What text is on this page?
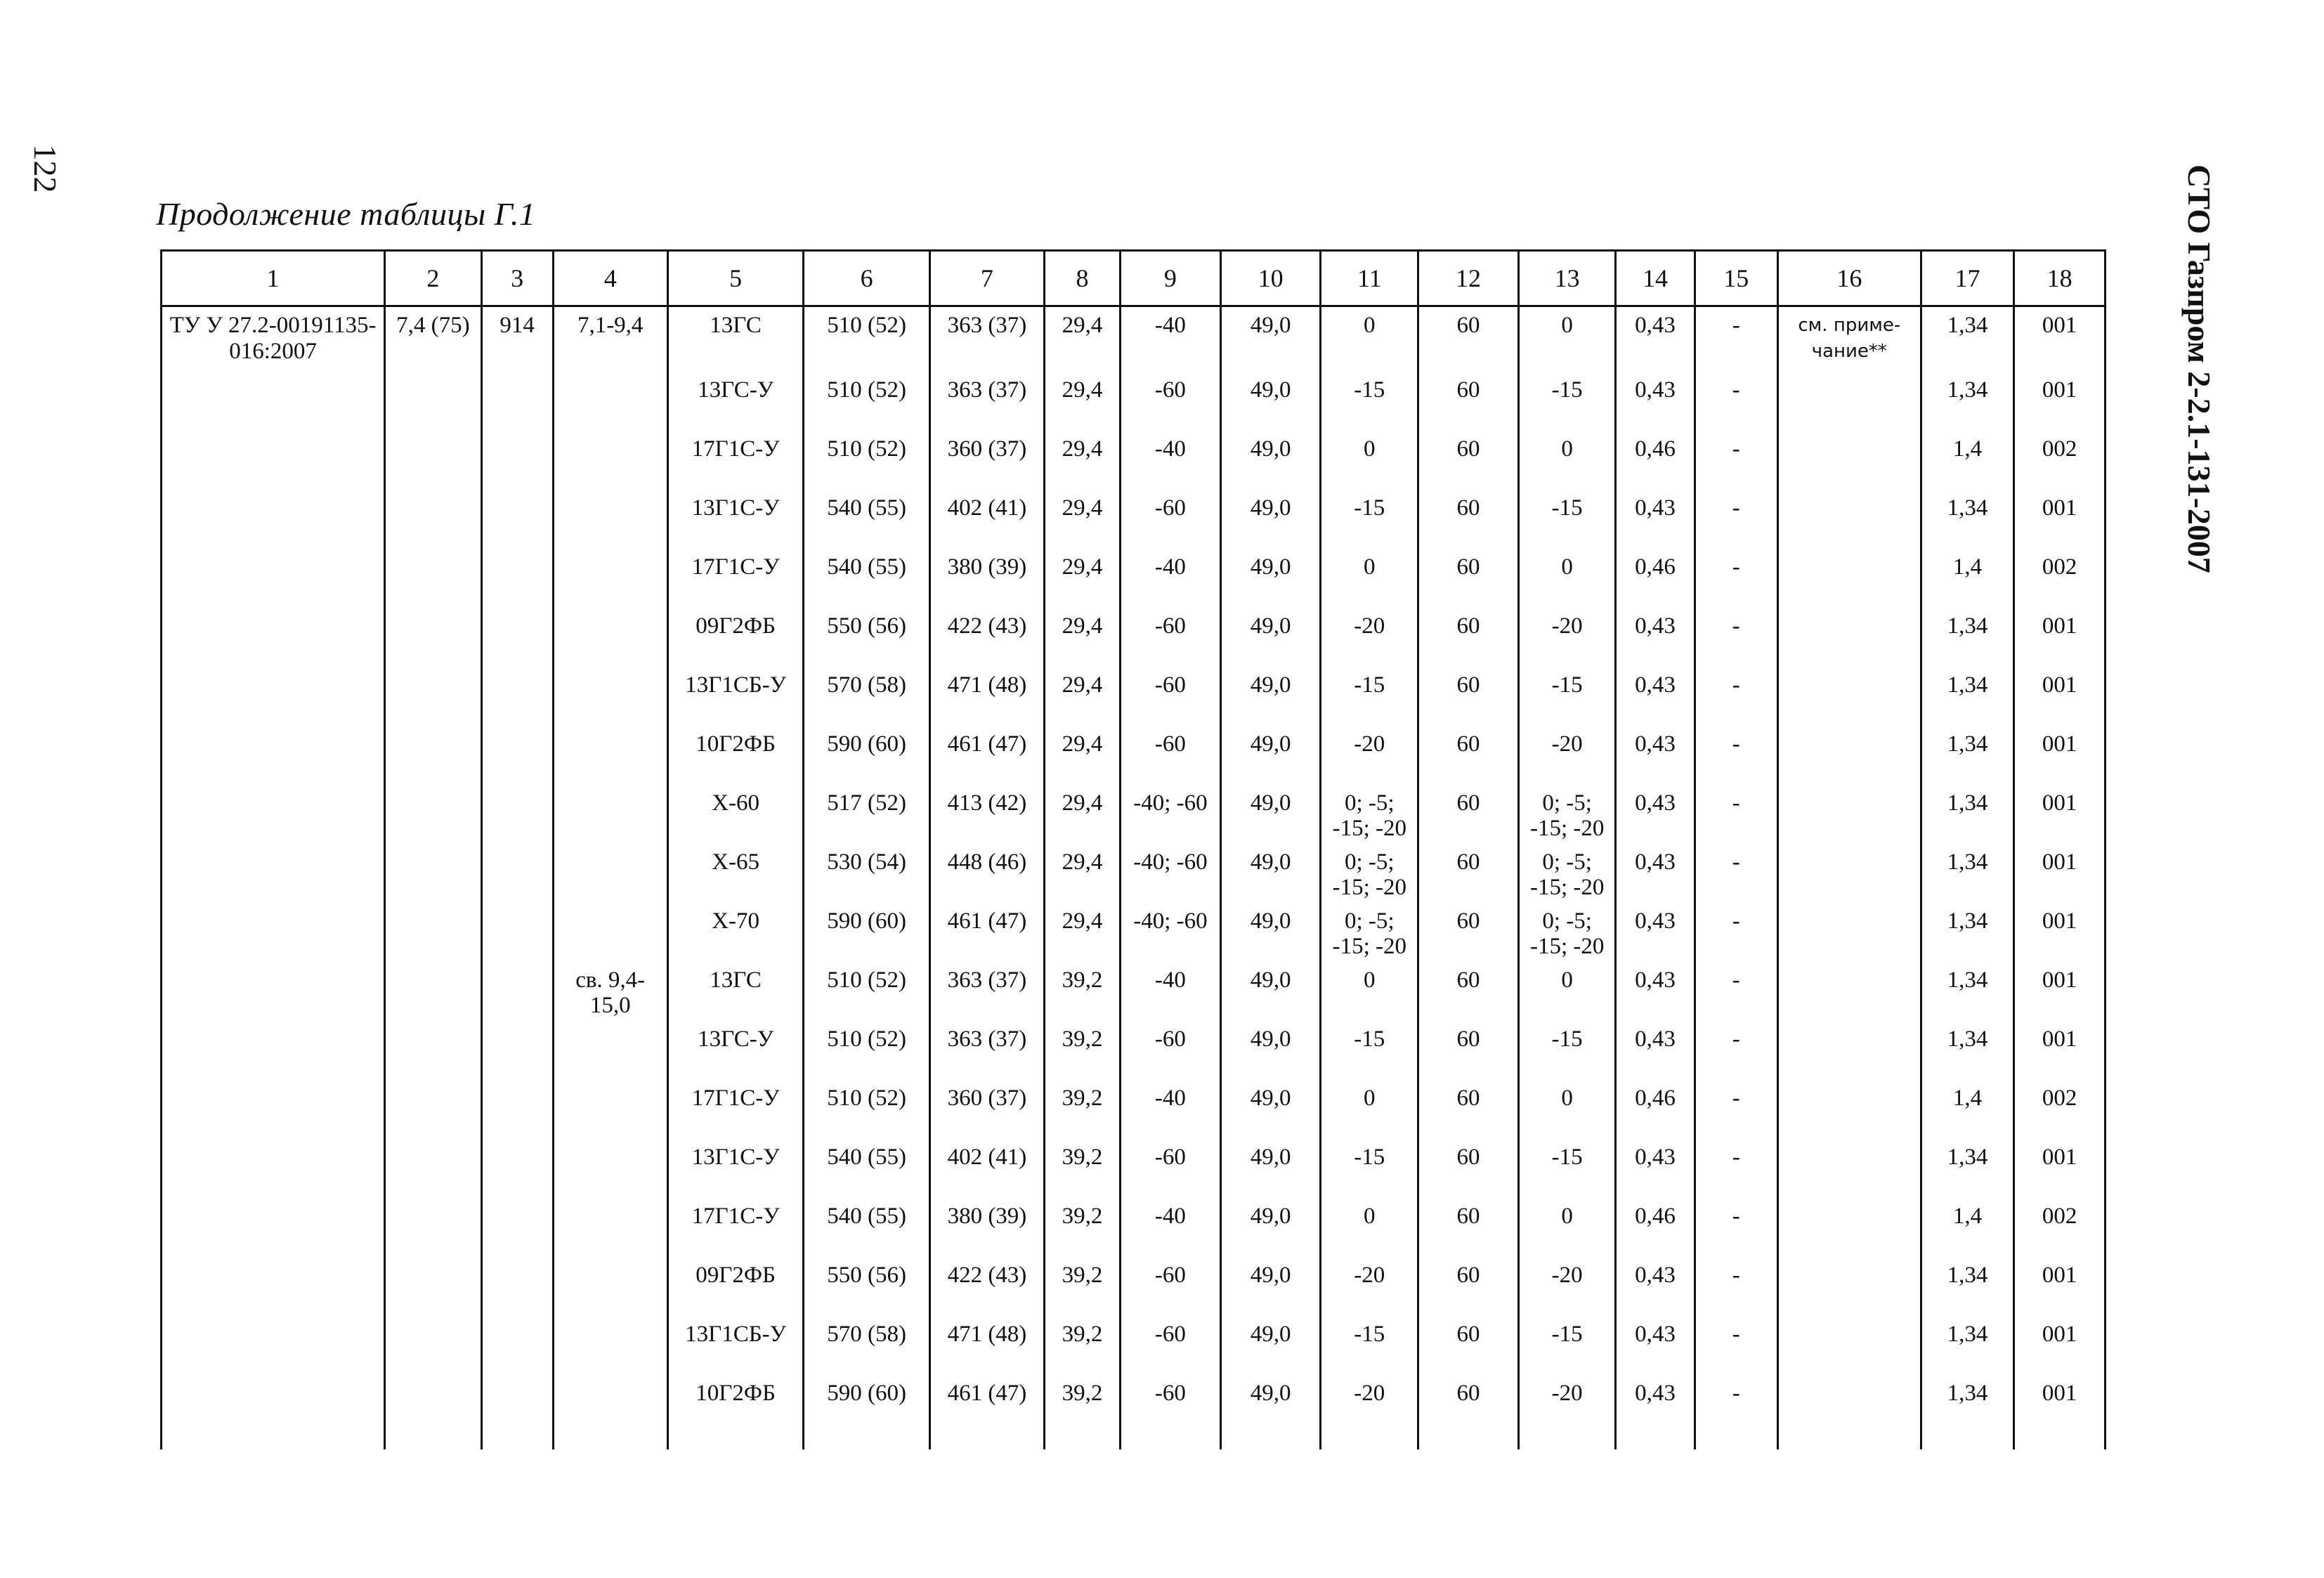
122	СТО Газпром 2-2.1-131-2007
Продолжение таблицы Г.1
1	2	3	4	5	6	7	8	9	10	11	12	13	14	15	16	17	18
ТУ У 27.2-00191135-016:2007	7,4 (75)	914	7,1-9,4	13ГС	510 (52)	363 (37)	29,4	-40	49,0	0	60	0	0,43	-	см. приме-чание**	1,34	001
				13ГС-У	510 (52)	363 (37)	29,4	-60	49,0	-15	60	-15	0,43	-		1,34	001
				17Г1С-У	510 (52)	360 (37)	29,4	-40	49,0	0	60	0	0,46	-		1,4	002
				13Г1С-У	540 (55)	402 (41)	29,4	-60	49,0	-15	60	-15	0,43	-		1,34	001
				17Г1С-У	540 (55)	380 (39)	29,4	-40	49,0	0	60	0	0,46	-		1,4	002
				09Г2ФБ	550 (56)	422 (43)	29,4	-60	49,0	-20	60	-20	0,43	-		1,34	001
				13Г1СБ-У	570 (58)	471 (48)	29,4	-60	49,0	-15	60	-15	0,43	-		1,34	001
				10Г2ФБ	590 (60)	461 (47)	29,4	-60	49,0	-20	60	-20	0,43	-		1,34	001
				Х-60	517 (52)	413 (42)	29,4	-40; -60	49,0	0; -5; -15; -20	60	0; -5; -15; -20	0,43	-		1,34	001
				Х-65	530 (54)	448 (46)	29,4	-40; -60	49,0	0; -5; -15; -20	60	0; -5; -15; -20	0,43	-		1,34	001
				Х-70	590 (60)	461 (47)	29,4	-40; -60	49,0	0; -5; -15; -20	60	0; -5; -15; -20	0,43	-		1,34	001
			св. 9,4-15,0	13ГС	510 (52)	363 (37)	39,2	-40	49,0	0	60	0	0,43	-		1,34	001
				13ГС-У	510 (52)	363 (37)	39,2	-60	49,0	-15	60	-15	0,43	-		1,34	001
				17Г1С-У	510 (52)	360 (37)	39,2	-40	49,0	0	60	0	0,46	-		1,4	002
				13Г1С-У	540 (55)	402 (41)	39,2	-60	49,0	-15	60	-15	0,43	-		1,34	001
				17Г1С-У	540 (55)	380 (39)	39,2	-40	49,0	0	60	0	0,46	-		1,4	002
				09Г2ФБ	550 (56)	422 (43)	39,2	-60	49,0	-20	60	-20	0,43	-		1,34	001
				13Г1СБ-У	570 (58)	471 (48)	39,2	-60	49,0	-15	60	-15	0,43	-		1,34	001
				10Г2ФБ	590 (60)	461 (47)	39,2	-60	49,0	-20	60	-20	0,43	-		1,34	001
